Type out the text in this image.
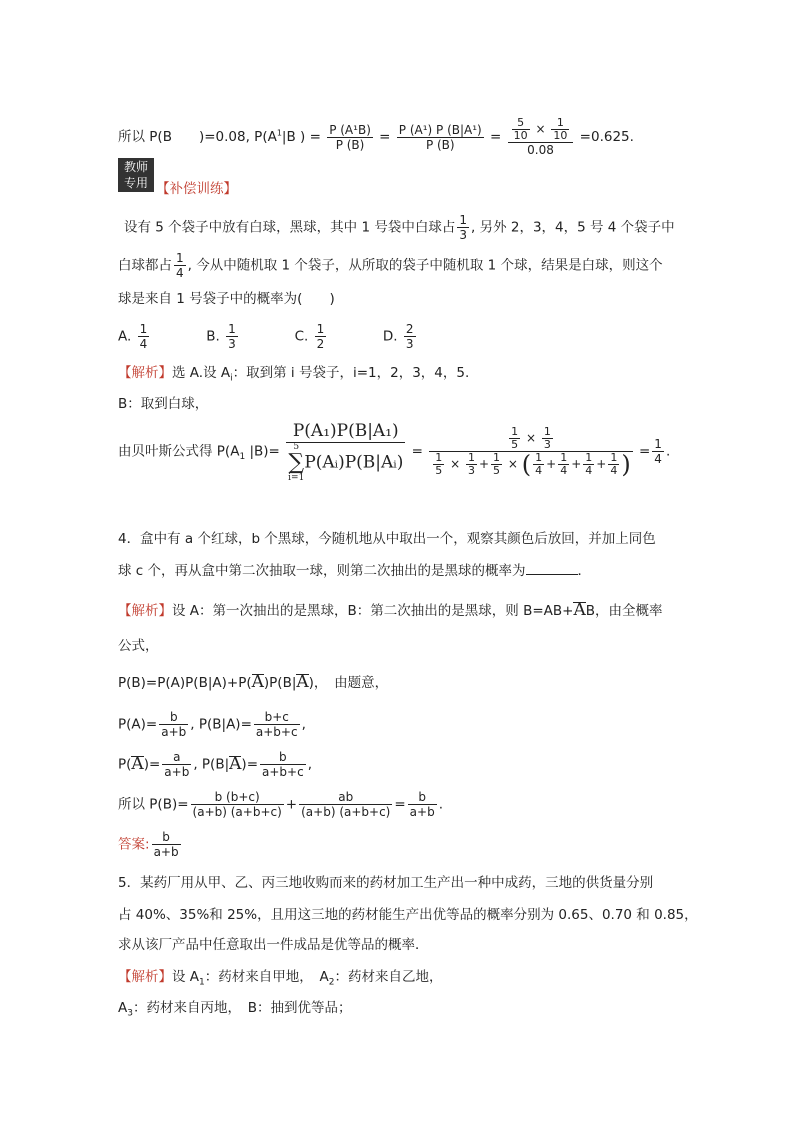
所以 P(B　　)=0.08, $P(A^1|B$ ) = $\frac{\text{P (A¹B)}}{P (B)} = \frac{\text{P (A¹) P (B|A¹)}}{P (B)} = \frac{\frac{5}{10} \times \frac{1}{10}}{0.08} =0.625$.
教师
专用 【补偿训练】
设有 5 个袋子中放有白球，黑球，其中 1 号袋中白球占 $\frac{1}{3}$ , 另外 2，3，4，5 号 4 个袋子中
白球都占 $\frac{1}{4}$ , 今从中随机取 1 个袋子，从所取的袋子中随机取 1 个球，结果是白球，则这个
球是来自 1 号袋子中的概率为(　　)
A. $\frac{1}{4}$	B. $\frac{1}{3}$	C. $\frac{1}{2}$	D. $\frac{2}{3}$
【解析】选 A.设 $A_i$：取到第 i 号袋子，i=1，2，3，4，5.
B：取到白球，
由贝叶斯公式得 $P(A_1$ |B)= P(A₁)P(B|A₁)
5
∑
i=1P(Aᵢ)P(B|Aᵢ) = $\frac{\frac{1}{5} \times \frac{1}{3}}{\frac{1}{5} \times \frac{1}{3} + \frac{1}{5} \times ( \frac{1}{4} + \frac{1}{4} + \frac{1}{4} + \frac{1}{4} )} = \frac{1}{4}$ .
4．盒中有 a 个红球，b 个黑球，今随机地从中取出一个，观察其颜色后放回，并加上同色
球 c 个，再从盒中第二次抽取一球，则第二次抽出的是黑球的概率为	．
【解析】设 A：第一次抽出的是黑球，B：第二次抽出的是黑球，则 B=AB+AB，由全概率
公式，
P(B)=P(A)P(B|A)+P(A)P(B|A)，　由题意，
$P(A)= \frac{b}{a+b}$ , $P(B|A)= \frac{b+c}{a+b+c}$ ,
$P(A)= \frac{a}{a+b}$ , $P(B|A)= \frac{b}{a+b+c}$ ,
所以 $P(B)= \frac{b (b+c)}{(a+b) (a+b+c)} + \frac{ab}{(a+b) (a+b+c)} = \frac{b}{a+b}$ .
答案: $\frac{b}{a+b}$
5．某药厂用从甲、乙、丙三地收购而来的药材加工生产出一种中成药，三地的供货量分别
占 40%、35%和 25%，且用这三地的药材能生产出优等品的概率分别为 0.65、0.70 和 0.85，
求从该厂产品中任意取出一件成品是优等品的概率．
【解析】设 $A_1$：药材来自甲地，　$A_2$：药材来自乙地，
$A_3$：药材来自丙地，　B：抽到优等品；
